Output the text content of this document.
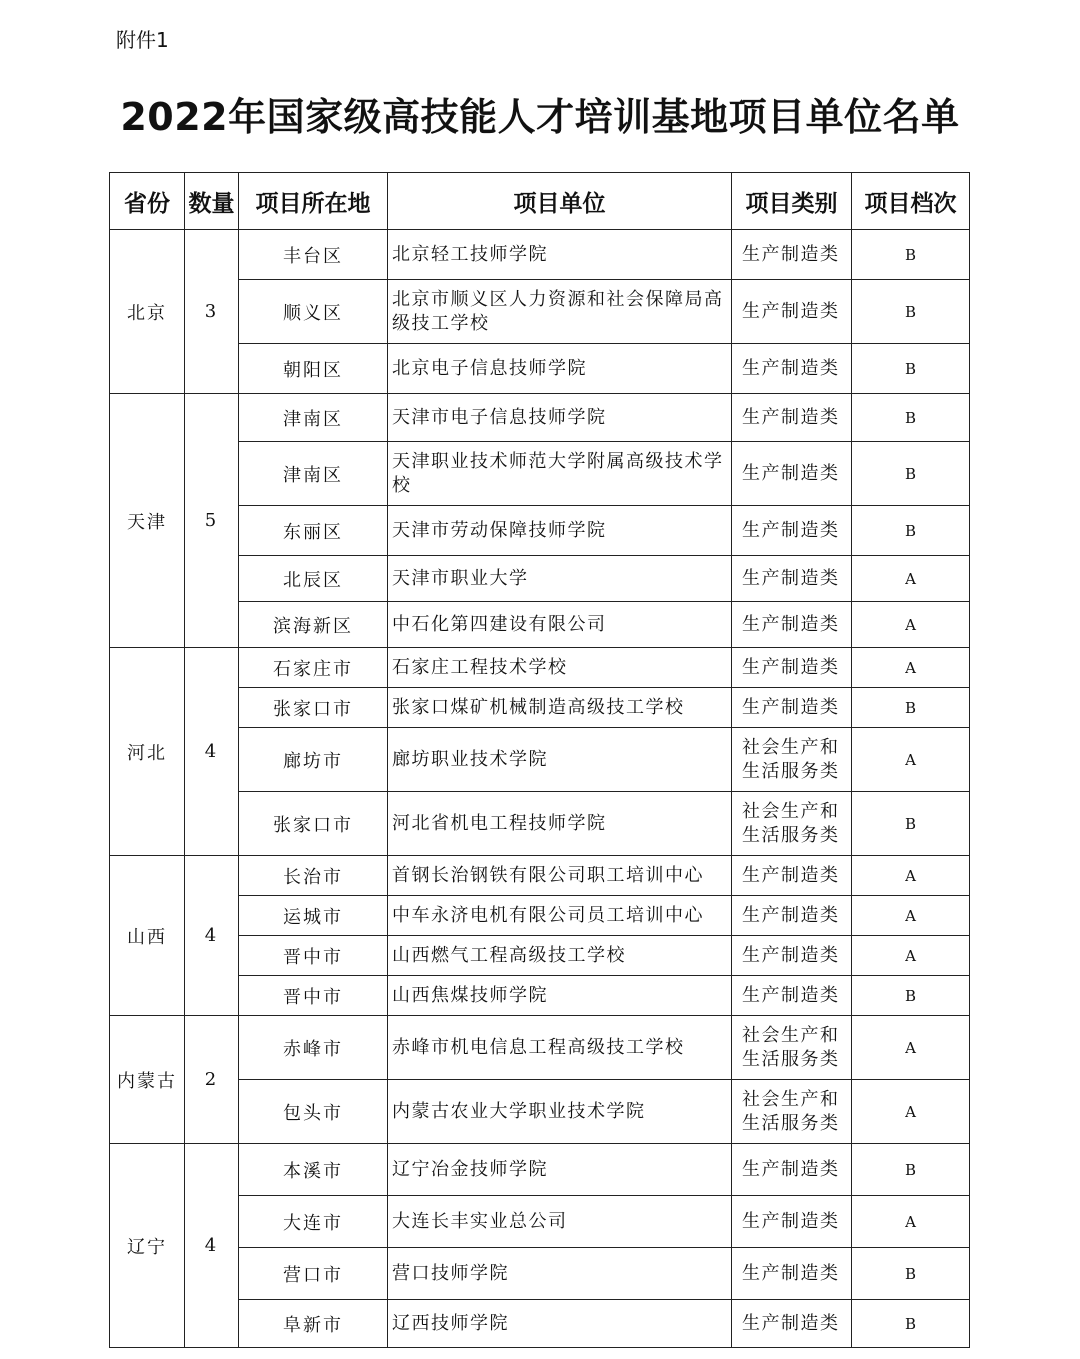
附件1
2022年国家级高技能人才培训基地项目单位名单
省份	数量	项目所在地	项目单位	项目类别	项目档次
北京	3	丰台区	北京轻工技师学院	生产制造类	B
		顺义区	北京市顺义区人力资源和社会保障局高级技工学校	生产制造类	B
		朝阳区	北京电子信息技师学院	生产制造类	B
天津	5	津南区	天津市电子信息技师学院	生产制造类	B
		津南区	天津职业技术师范大学附属高级技术学校	生产制造类	B
		东丽区	天津市劳动保障技师学院	生产制造类	B
		北辰区	天津市职业大学	生产制造类	A
		滨海新区	中石化第四建设有限公司	生产制造类	A
河北	4	石家庄市	石家庄工程技术学校	生产制造类	A
		张家口市	张家口煤矿机械制造高级技工学校	生产制造类	B
		廊坊市	廊坊职业技术学院	社会生产和生活服务类	A
		张家口市	河北省机电工程技师学院	社会生产和生活服务类	B
山西	4	长治市	首钢长治钢铁有限公司职工培训中心	生产制造类	A
		运城市	中车永济电机有限公司员工培训中心	生产制造类	A
		晋中市	山西燃气工程高级技工学校	生产制造类	A
		晋中市	山西焦煤技师学院	生产制造类	B
内蒙古	2	赤峰市	赤峰市机电信息工程高级技工学校	社会生产和生活服务类	A
		包头市	内蒙古农业大学职业技术学院	社会生产和生活服务类	A
辽宁	4	本溪市	辽宁冶金技师学院	生产制造类	B
		大连市	大连长丰实业总公司	生产制造类	A
		营口市	营口技师学院	生产制造类	B
		阜新市	辽西技师学院	生产制造类	B
